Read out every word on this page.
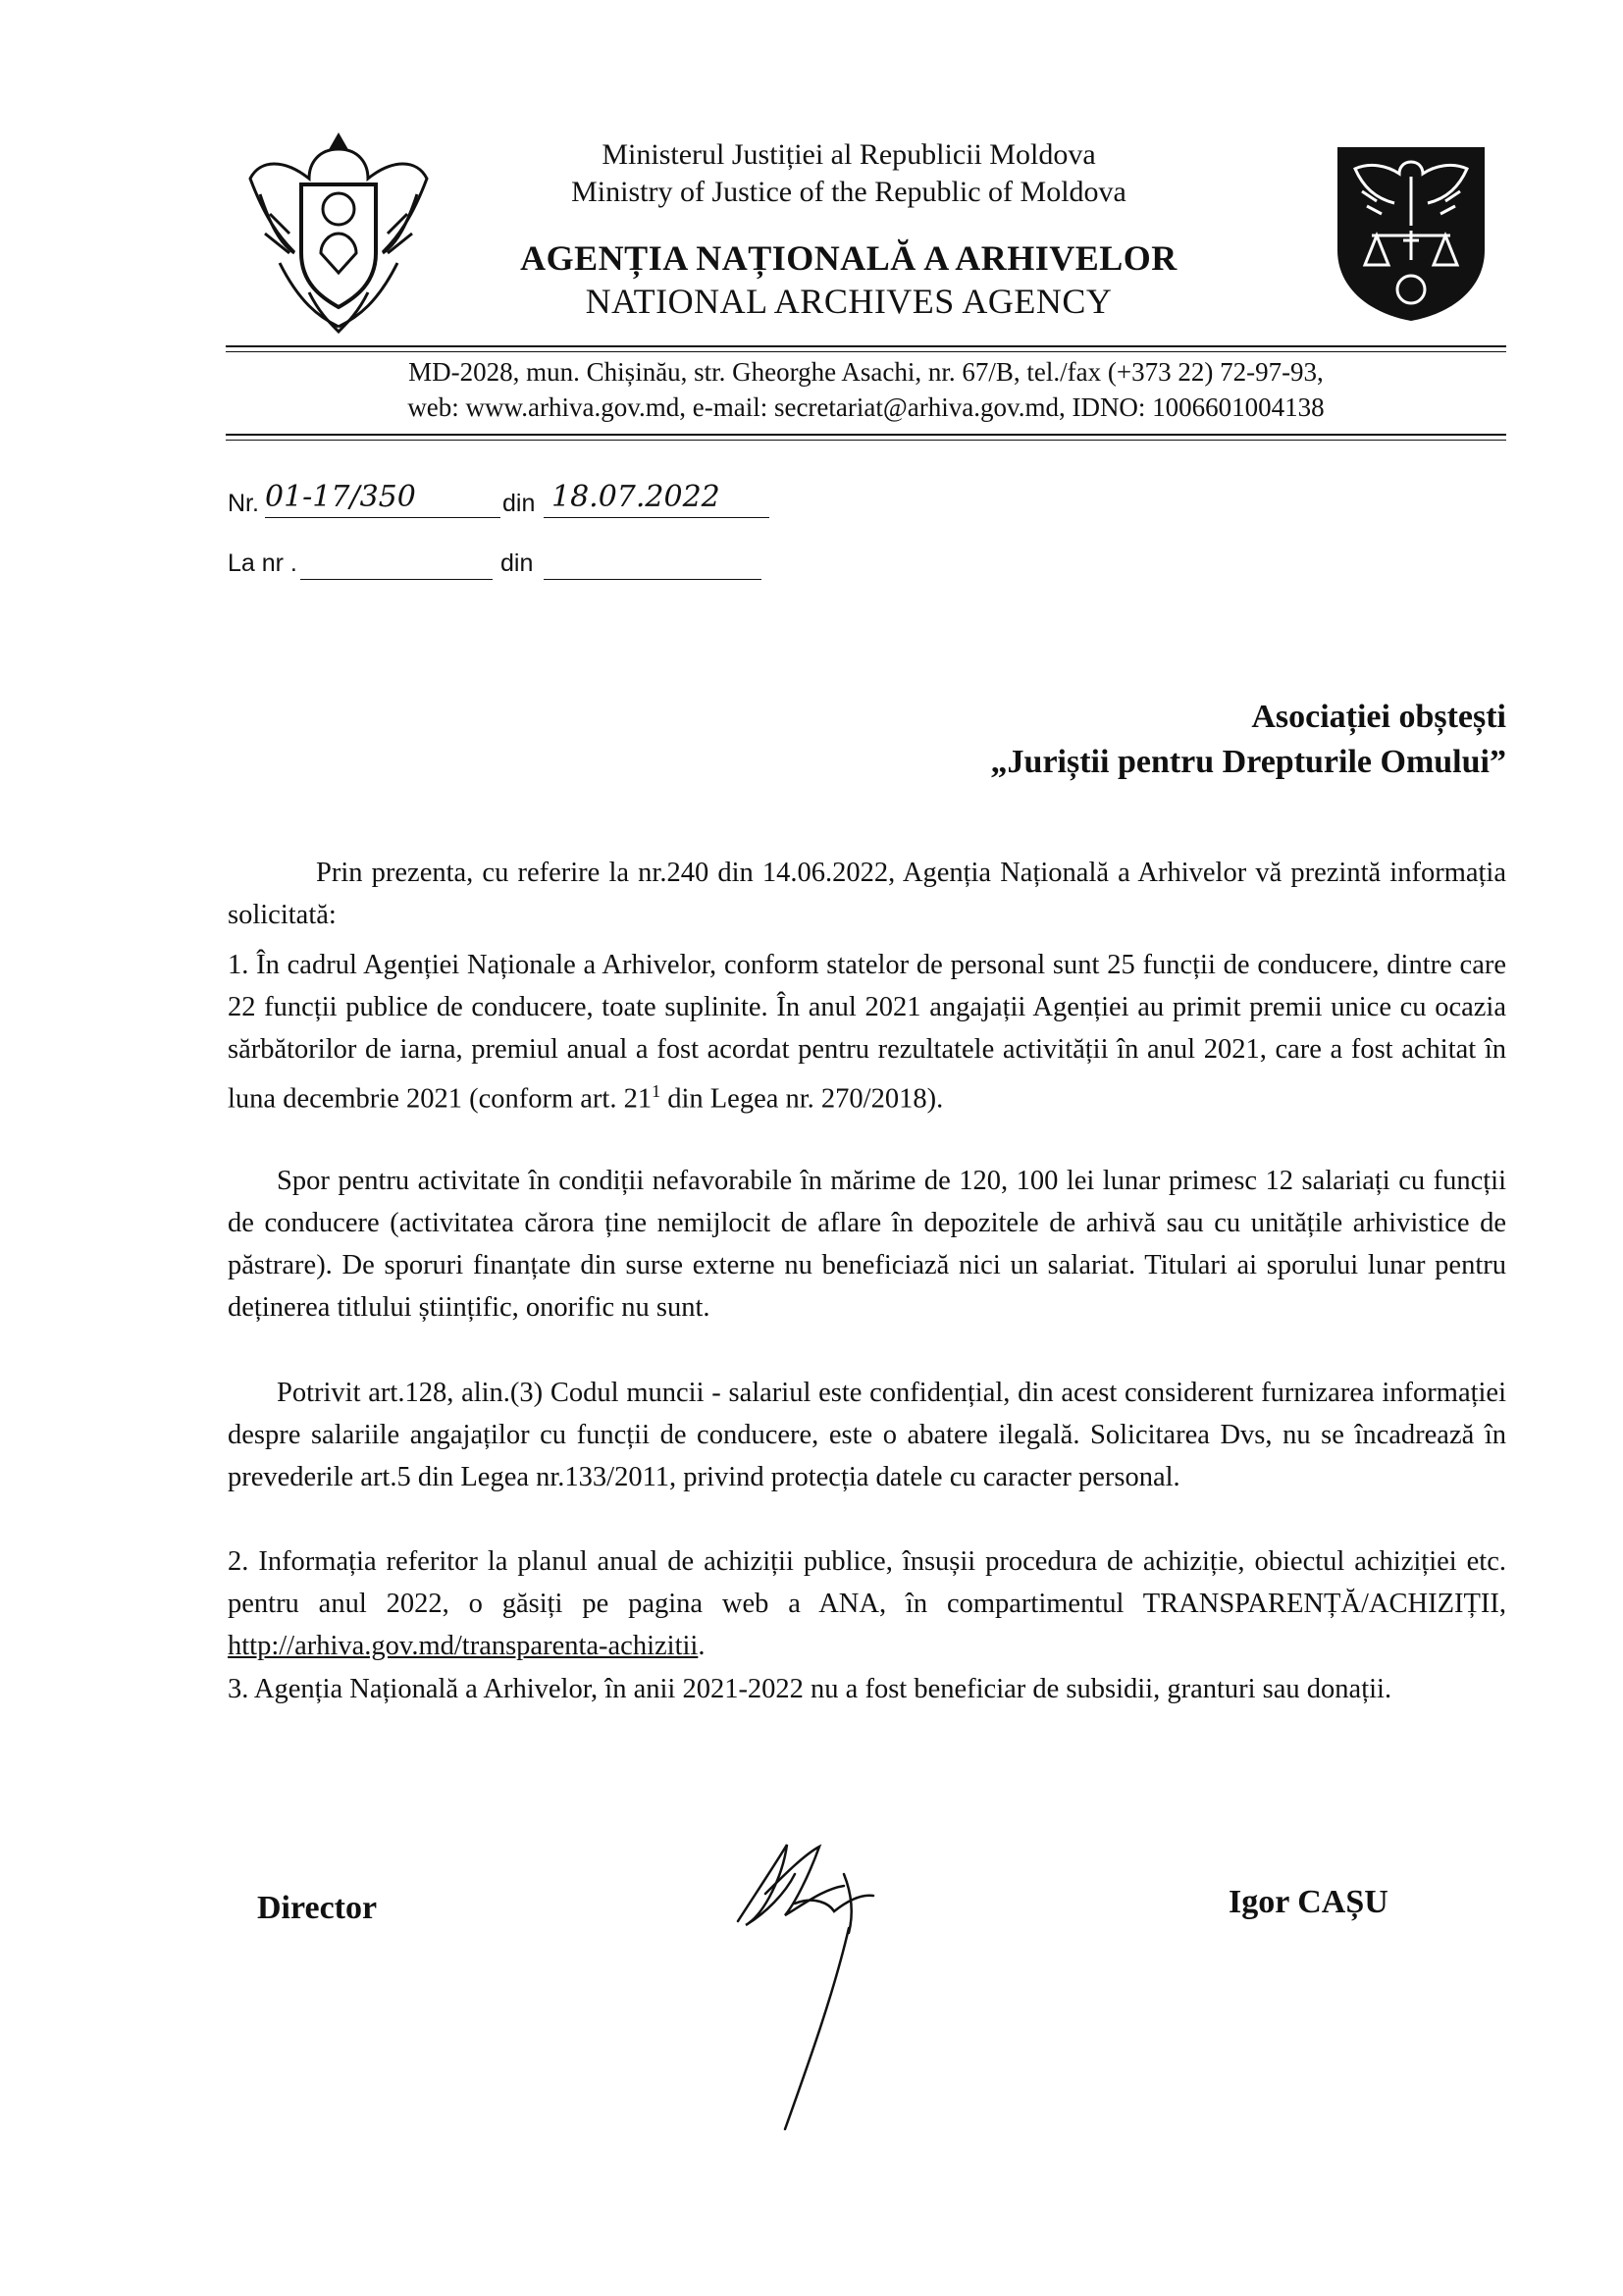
Ministerul Justiției al Republicii Moldova
Ministry of Justice of the Republic of Moldova
AGENȚIA NAȚIONALĂ A ARHIVELOR
NATIONAL ARCHIVES AGENCY
MD-2028, mun. Chișinău, str. Gheorghe Asachi, nr. 67/B, tel./fax (+373 22) 72-97-93,
web: www.arhiva.gov.md, e-mail: secretariat@arhiva.gov.md, IDNO: 1006601004138
Nr. 01-17/350	din 18.07.2022
La nr .	din
Asociației obștești
„Juriștii pentru Drepturile Omului”
Prin prezenta, cu referire la nr.240 din 14.06.2022, Agenția Națională a Arhivelor vă prezintă informația solicitată:
1. În cadrul Agenției Naționale a Arhivelor, conform statelor de personal sunt 25 funcții de conducere, dintre care 22 funcții publice de conducere, toate suplinite. În anul 2021 angajații Agenției au primit premii unice cu ocazia sărbătorilor de iarna, premiul anual a fost acordat pentru rezultatele activității în anul 2021, care a fost achitat în luna decembrie 2021 (conform art. $21^1$ din Legea nr. 270/2018).
Spor pentru activitate în condiții nefavorabile în mărime de 120, 100 lei lunar primesc 12 salariați cu funcții de conducere (activitatea cărora ține nemijlocit de aflare în depozitele de arhivă sau cu unitățile arhivistice de păstrare). De sporuri finanțate din surse externe nu beneficiază nici un salariat. Titulari ai sporului lunar pentru deținerea titlului științific, onorific nu sunt.
Potrivit art.128, alin.(3) Codul muncii - salariul este confidențial, din acest considerent furnizarea informației despre salariile angajaților cu funcții de conducere, este o abatere ilegală. Solicitarea Dvs, nu se încadrează în prevederile art.5 din Legea nr.133/2011, privind protecția datele cu caracter personal.
2. Informația referitor la planul anual de achiziții publice, însușii procedura de achiziție, obiectul achiziției etc. pentru anul 2022, o găsiți pe pagina web a ANA, în compartimentul TRANSPARENȚĂ/ACHIZIȚII, http://arhiva.gov.md/transparenta-achizitii.
3. Agenția Națională a Arhivelor, în anii 2021-2022 nu a fost beneficiar de subsidii, granturi sau donații.
Director	Igor CAȘU
